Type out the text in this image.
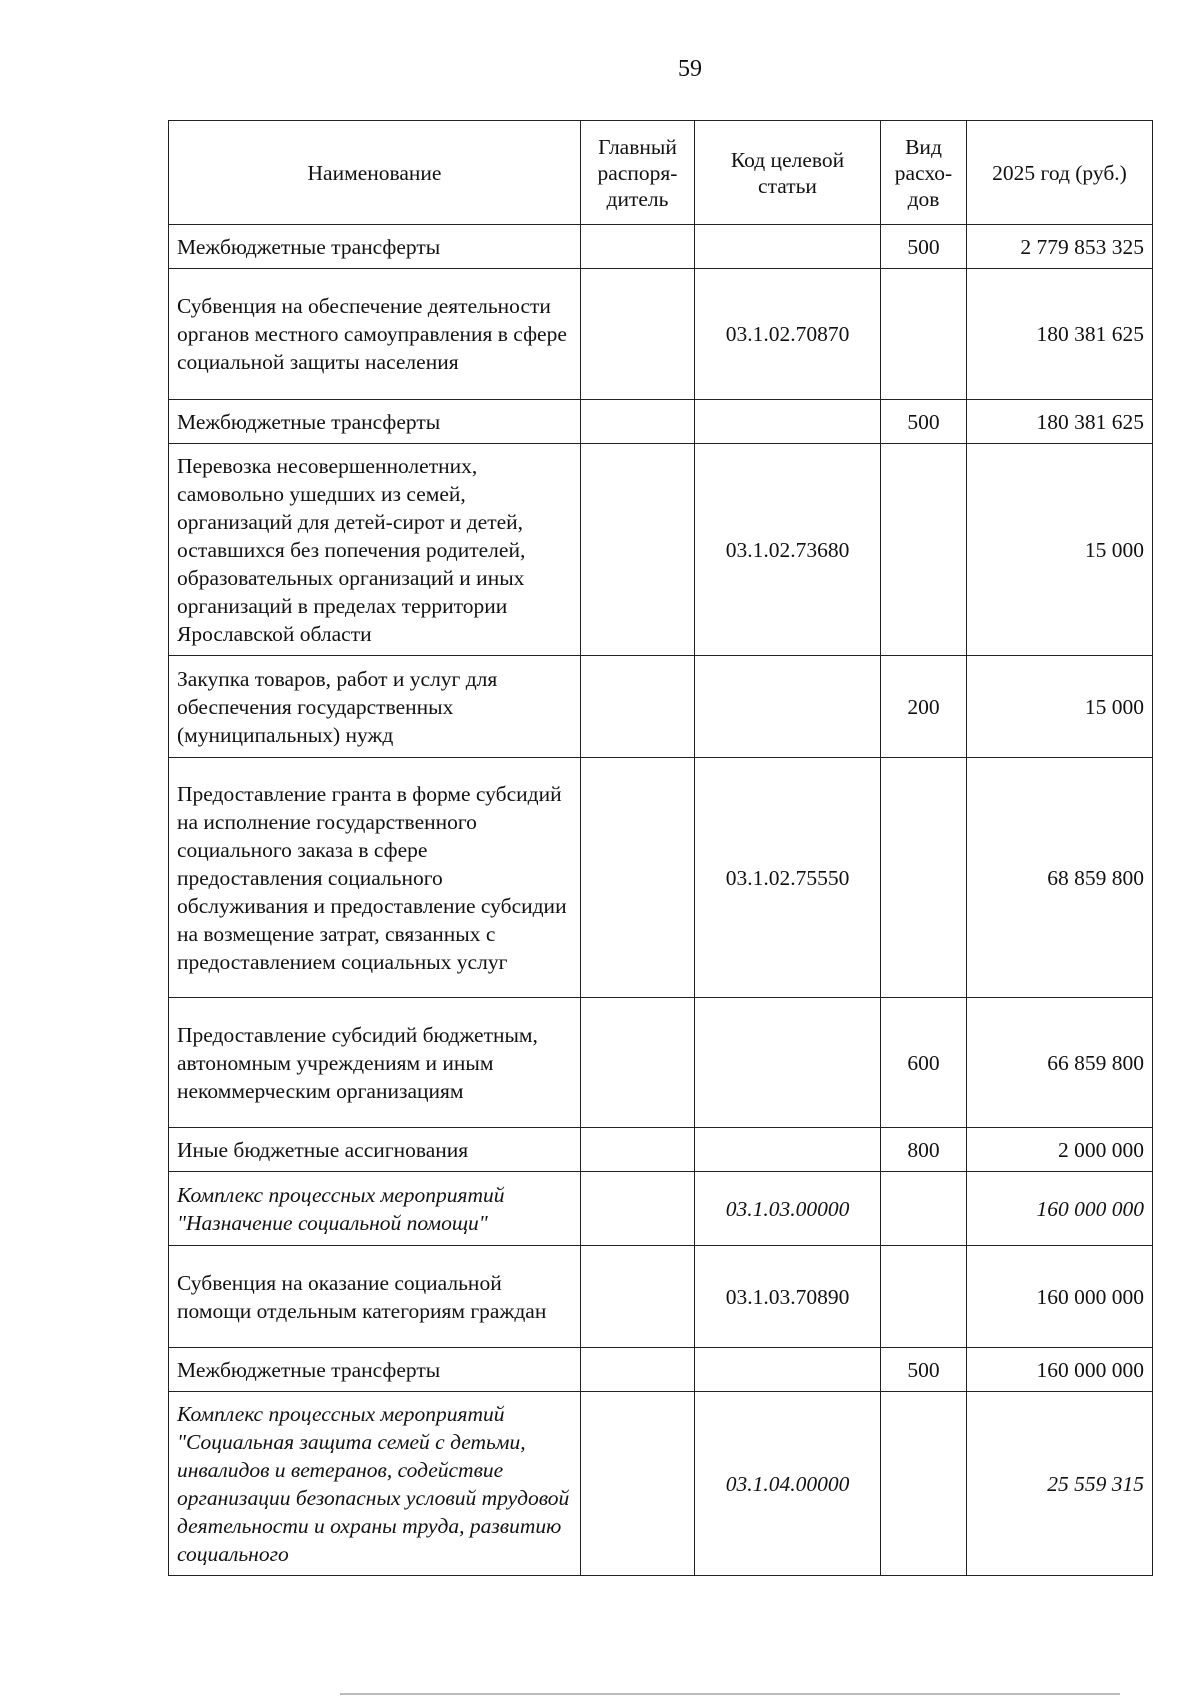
59
Наименование	Главный распоря-дитель	Код целевой статьи	Вид расхо-дов	2025 год (руб.)
Межбюджетные трансферты			500	2 779 853 325
Субвенция на обеспечение деятельности органов местного самоуправления в сфере социальной защиты населения		03.1.02.70870		180 381 625
Межбюджетные трансферты			500	180 381 625
Перевозка несовершеннолетних, самовольно ушедших из семей, организаций для детей-сирот и детей, оставшихся без попечения родителей, образовательных организаций и иных организаций в пределах территории Ярославской области		03.1.02.73680		15 000
Закупка товаров, работ и услуг для обеспечения государственных (муниципальных) нужд			200	15 000
Предоставление гранта в форме субсидий на исполнение государственного социального заказа в сфере предоставления социального обслуживания и предоставление субсидии на возмещение затрат, связанных с предоставлением социальных услуг		03.1.02.75550		68 859 800
Предоставление субсидий бюджетным, автономным учреждениям и иным некоммерческим организациям			600	66 859 800
Иные бюджетные ассигнования			800	2 000 000
Комплекс процессных мероприятий "Назначение социальной помощи"		03.1.03.00000		160 000 000
Субвенция на оказание социальной помощи отдельным категориям граждан		03.1.03.70890		160 000 000
Межбюджетные трансферты			500	160 000 000
Комплекс процессных мероприятий "Социальная защита семей с детьми, инвалидов и ветеранов, содействие организации безопасных условий трудовой деятельности и охраны труда, развитию социального		03.1.04.00000		25 559 315
